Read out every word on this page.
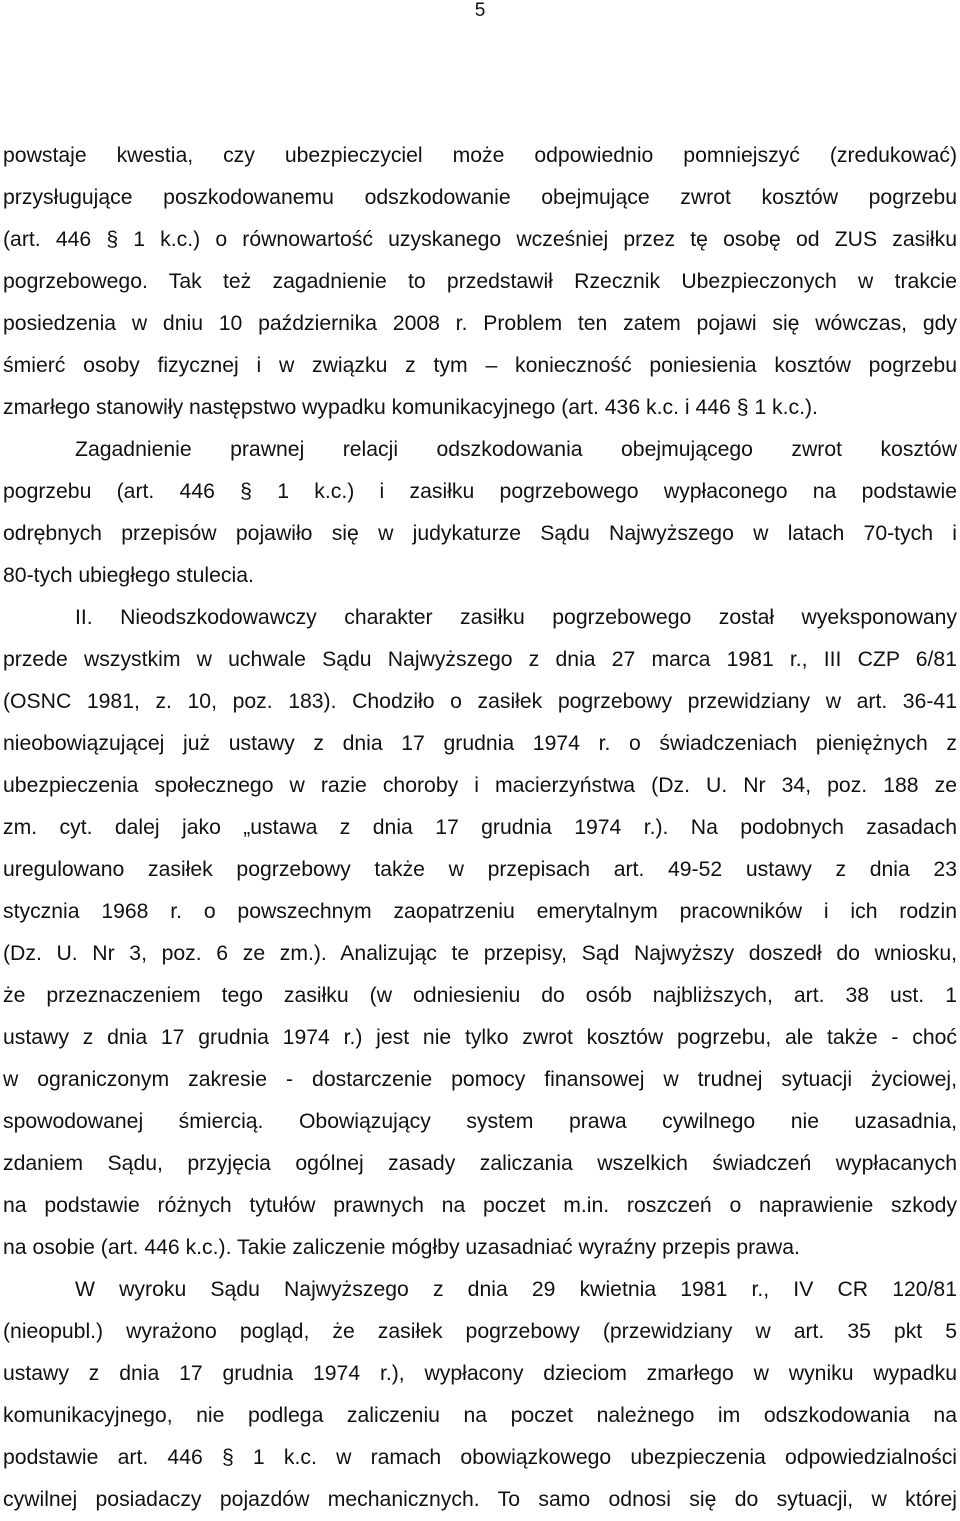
5
powstaje kwestia, czy ubezpieczyciel może odpowiednio pomniejszyć (zredukować)
przysługujące poszkodowanemu odszkodowanie obejmujące zwrot kosztów pogrzebu
(art. 446 § 1 k.c.) o równowartość uzyskanego wcześniej przez tę osobę od ZUS zasiłku
pogrzebowego. Tak też zagadnienie to przedstawił Rzecznik Ubezpieczonych w trakcie
posiedzenia w dniu 10 października 2008 r. Problem ten zatem pojawi się wówczas, gdy
śmierć osoby fizycznej i w związku z tym – konieczność poniesienia kosztów pogrzebu
zmarłego stanowiły następstwo wypadku komunikacyjnego (art. 436 k.c. i 446 § 1 k.c.).
Zagadnienie prawnej relacji odszkodowania obejmującego zwrot kosztów
pogrzebu (art. 446 § 1 k.c.) i zasiłku pogrzebowego wypłaconego na podstawie
odrębnych przepisów pojawiło się w judykaturze Sądu Najwyższego w latach 70-tych i
80-tych ubiegłego stulecia.
II. Nieodszkodowawczy charakter zasiłku pogrzebowego został wyeksponowany
przede wszystkim w uchwale Sądu Najwyższego z dnia 27 marca 1981 r., III CZP 6/81
(OSNC 1981, z. 10, poz. 183). Chodziło o zasiłek pogrzebowy przewidziany w art. 36-41
nieobowiązującej już ustawy z dnia 17 grudnia 1974 r. o świadczeniach pieniężnych z
ubezpieczenia społecznego w razie choroby i macierzyństwa (Dz. U. Nr 34, poz. 188 ze
zm. cyt. dalej jako „ustawa z dnia 17 grudnia 1974 r.). Na podobnych zasadach
uregulowano zasiłek pogrzebowy także w przepisach art. 49-52 ustawy z dnia 23
stycznia 1968 r. o powszechnym zaopatrzeniu emerytalnym pracowników i ich rodzin
(Dz. U. Nr 3, poz. 6 ze zm.). Analizując te przepisy, Sąd Najwyższy doszedł do wniosku,
że przeznaczeniem tego zasiłku (w odniesieniu do osób najbliższych, art. 38 ust. 1
ustawy z dnia 17 grudnia 1974 r.) jest nie tylko zwrot kosztów pogrzebu, ale także - choć
w ograniczonym zakresie - dostarczenie pomocy finansowej w trudnej sytuacji życiowej,
spowodowanej śmiercią. Obowiązujący system prawa cywilnego nie uzasadnia,
zdaniem Sądu, przyjęcia ogólnej zasady zaliczania wszelkich świadczeń wypłacanych
na podstawie różnych tytułów prawnych na poczet m.in. roszczeń o naprawienie szkody
na osobie (art. 446 k.c.). Takie zaliczenie mógłby uzasadniać wyraźny przepis prawa.
W wyroku Sądu Najwyższego z dnia 29 kwietnia 1981 r., IV CR 120/81
(nieopubl.) wyrażono pogląd, że zasiłek pogrzebowy (przewidziany w art. 35 pkt 5
ustawy z dnia 17 grudnia 1974 r.), wypłacony dzieciom zmarłego w wyniku wypadku
komunikacyjnego, nie podlega zaliczeniu na poczet należnego im odszkodowania na
podstawie art. 446 § 1 k.c. w ramach obowiązkowego ubezpieczenia odpowiedzialności
cywilnej posiadaczy pojazdów mechanicznych. To samo odnosi się do sytuacji, w której
